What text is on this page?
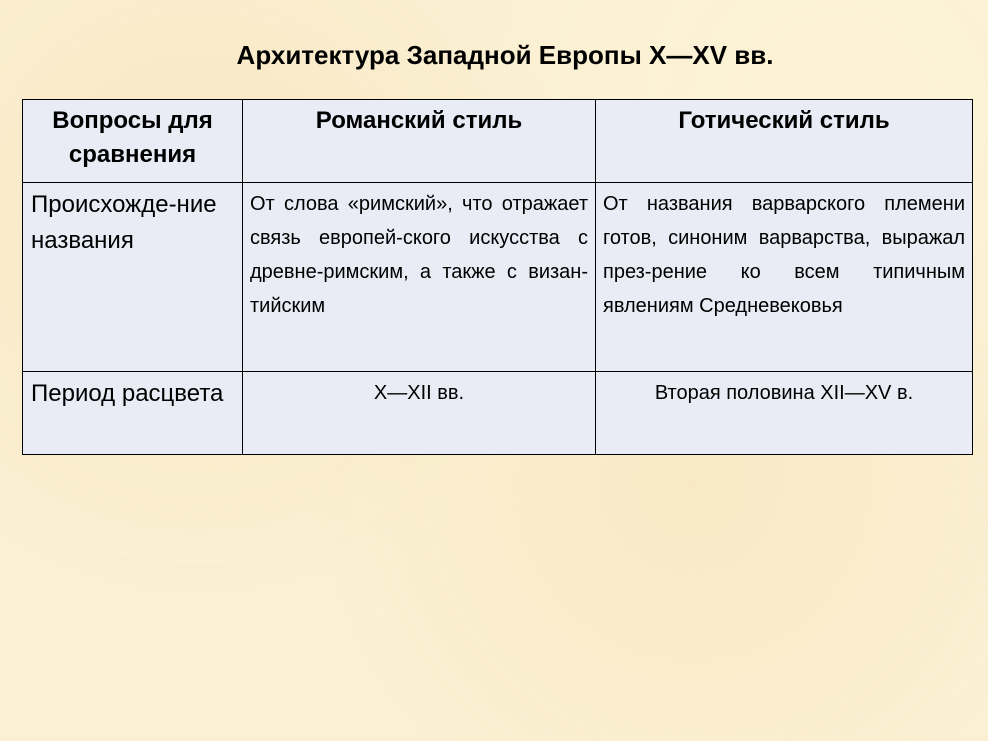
Архитектура Западной Европы X—XV вв.
Вопросы для сравнения	Романский стиль	Готический стиль
Происхожде-ние названия	От слова «римский», что отражает связь европей-ского искусства с древне-римским, а также с визан-тийским	От названия варварского племени готов, синоним варварства, выражал през-рение ко всем типичным явлениям Средневековья
Период расцвета	X—XII вв.	Вторая половина XII—XV в.
